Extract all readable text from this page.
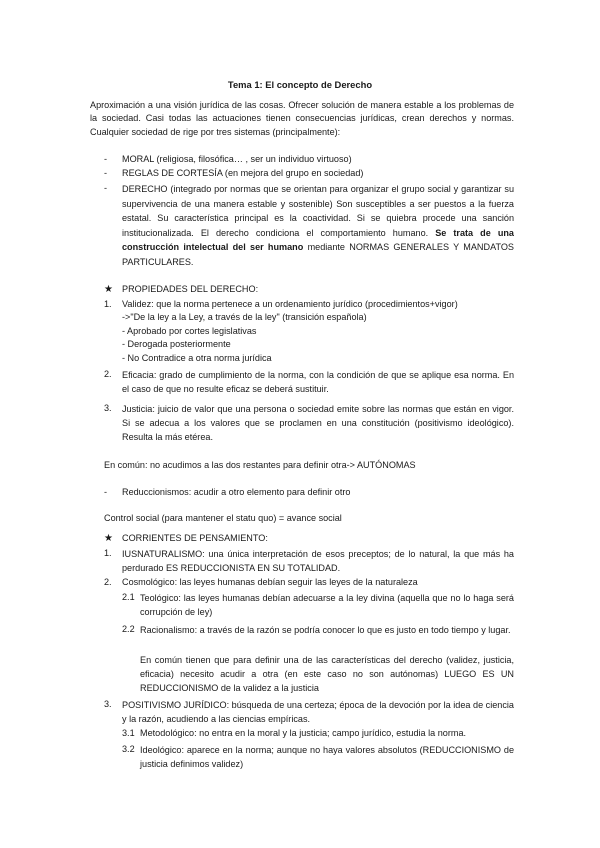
Tema 1: El concepto de Derecho
Aproximación a una visión jurídica de las cosas. Ofrecer solución de manera estable a los problemas de la sociedad. Casi todas las actuaciones tienen consecuencias jurídicas, crean derechos y normas. Cualquier sociedad de rige por tres sistemas (principalmente):
- MORAL (religiosa, filosófica… , ser un individuo virtuoso)
- REGLAS DE CORTESÍA (en mejora del grupo en sociedad)
- DERECHO (integrado por normas que se orientan para organizar el grupo social y garantizar su supervivencia de una manera estable y sostenible) Son susceptibles a ser puestos a la fuerza estatal. Su característica principal es la coactividad. Si se quiebra procede una sanción institucionalizada. El derecho condiciona el comportamiento humano. Se trata de una construcción intelectual del ser humano mediante NORMAS GENERALES Y MANDATOS PARTICULARES.
★ PROPIEDADES DEL DERECHO:
1. Validez: que la norma pertenece a un ordenamiento jurídico (procedimientos+vigor)
->"De la ley a la Ley, a través de la ley" (transición española)
- Aprobado por cortes legislativas
- Derogada posteriormente
- No Contradice a otra norma jurídica
2. Eficacia: grado de cumplimiento de la norma, con la condición de que se aplique esa norma. En el caso de que no resulte eficaz se deberá sustituir.
3. Justicia: juicio de valor que una persona o sociedad emite sobre las normas que están en vigor. Si se adecua a los valores que se proclamen en una constitución (positivismo ideológico). Resulta la más etérea.
En común: no acudimos a las dos restantes para definir otra-> AUTÓNOMAS
- Reduccionismos: acudir a otro elemento para definir otro
Control social (para mantener el statu quo) = avance social
★ CORRIENTES DE PENSAMIENTO:
1. IUSNATURALISMO: una única interpretación de esos preceptos; de lo natural, la que más ha perdurado ES REDUCCIONISTA EN SU TOTALIDAD.
2. Cosmológico: las leyes humanas debían seguir las leyes de la naturaleza
2.1 Teológico: las leyes humanas debían adecuarse a la ley divina (aquella que no lo haga será corrupción de ley)
2.2 Racionalismo: a través de la razón se podría conocer lo que es justo en todo tiempo y lugar.
En común tienen que para definir una de las características del derecho (validez, justicia, eficacia) necesito acudir a otra (en este caso no son autónomas) LUEGO ES UN REDUCCIONISMO de la validez a la justicia
3. POSITIVISMO JURÍDICO: búsqueda de una certeza; época de la devoción por la idea de ciencia y la razón, acudiendo a las ciencias empíricas.
3.1 Metodológico: no entra en la moral y la justicia; campo jurídico, estudia la norma.
3.2 Ideológico: aparece en la norma; aunque no haya valores absolutos (REDUCCIONISMO de justicia definimos validez)
